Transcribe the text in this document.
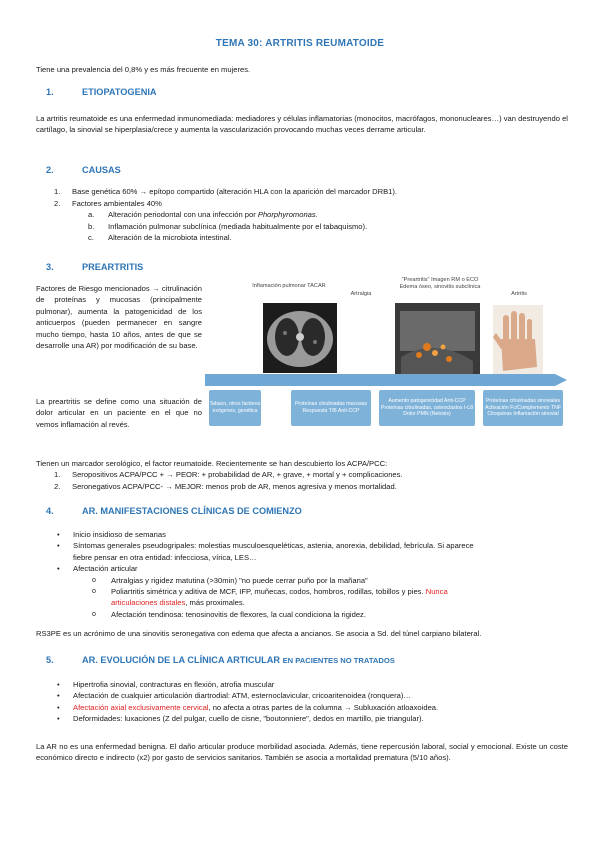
TEMA 30: ARTRITIS REUMATOIDE
Tiene una prevalencia del 0,8% y es más frecuente en mujeres.
1.	ETIOPATOGENIA
La artritis reumatoide es una enfermedad inmunomediada: mediadores y células inflamatorias (monocitos, macrófagos, mononucleares…) van destruyendo el cartílago, la sinovial se hiperplasia/crece y aumenta la vascularización provocando muchas veces derrame articular.
2.	CAUSAS
1. Base genética 60% → epítopo compartido (alteración HLA con la aparición del marcador DRB1).
2. Factores ambientales 40%
a. Alteración periodontal con una infección por Phorphyromonas.
b. Inflamación pulmonar subclínica (mediada habitualmente por el tabaquismo).
c. Alteración de la microbiota intestinal.
3.	PREARTRITIS
Factores de Riesgo mencionados → citrulinación de proteínas y mucosas (principalmente pulmonar), aumenta la patogenicidad de los anticuerpos (pueden permanecer en sangre mucho tiempo, hasta 10 años, antes de que se desarrolle una AR) por modificación de su base.
La preartritis se define como una situación de dolor articular en un paciente en el que no vemos inflamación al revés.
Inflamación pulmonar TACAR
Artralgia
"Preartritis" Imagen RM o ECO Edema óseo, sinovitis subclínica
Artritis
Tabaco, otros factores exógenos, genética
Proteínas citrulinadas mucosas Respuesta T/B Anti-CCP
Aumento patogenicidad Anti-CCP Proteínas citrulinadas, osteoclastos I-L8 Dolor PMN (Netosis)
Proteínas citrulinadas sinoviales Activación Fc/Complemento TNF Citoquinas Inflamación sinovial
Tienen un marcador serológico, el factor reumatoide. Recientemente se han descubierto los ACPA/PCC:
1. Seropositivos ACPA/PCC + → PEOR: + probabilidad de AR, + grave, + mortal y + complicaciones.
2. Seronegativos ACPA/PCC- → MEJOR: menos prob de AR, menos agresiva y menos mortalidad.
4.	AR. MANIFESTACIONES CLÍNICAS DE COMIENZO
• Inicio insidioso de semanas
• Síntomas generales pseudogripales: molestias musculoesqueléticas, astenia, anorexia, debilidad, febrícula. Si aparece
fiebre pensar en otra entidad: infecciosa, vírica, LES…
• Afectación articular
o Artralgias y rigidez matutina (>30min) "no puede cerrar puño por la mañana"
o Poliartritis simétrica y aditiva de MCF, IFP, muñecas, codos, hombros, rodillas, tobillos y pies. Nunca
articulaciones distales, más proximales.
o Afectación tendinosa: tenosinovitis de flexores, la cual condiciona la rigidez.
RS3PE es un acrónimo de una sinovitis seronegativa con edema que afecta a ancianos. Se asocia a Sd. del túnel carpiano bilateral.
5.	AR. EVOLUCIÓN DE LA CLÍNICA ARTICULAR EN PACIENTES NO TRATADOS
• Hipertrofia sinovial, contracturas en flexión, atrofia muscular
• Afectación de cualquier articulación diartrodial: ATM, esternoclavicular, cricoaritenoidea (ronquera)…
• Afectación axial exclusivamente cervical, no afecta a otras partes de la columna → Subluxación atloaxoidea.
• Deformidades: luxaciones (Z del pulgar, cuello de cisne, "boutonniere", dedos en martillo, pie triangular).
La AR no es una enfermedad benigna. El daño articular produce morbilidad asociada. Además, tiene repercusión laboral, social y emocional. Existe un coste económico directo e indirecto (x2) por gasto de servicios sanitarios. También se asocia a mortalidad prematura (5/10 años).
